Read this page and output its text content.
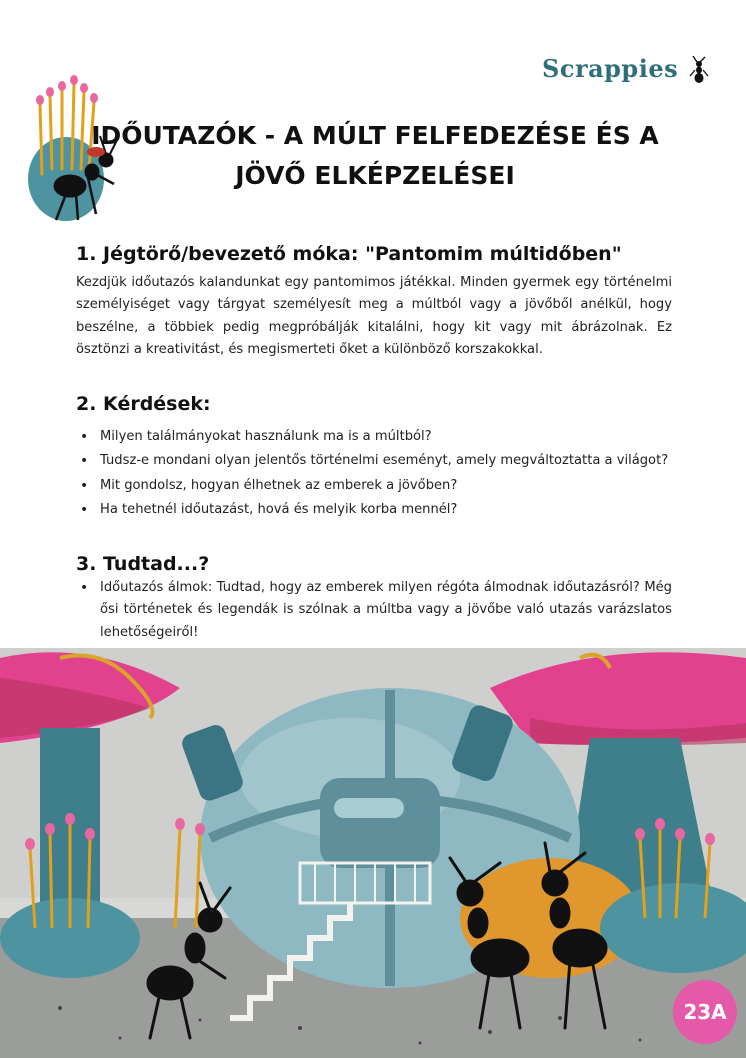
Scrappies
IDŐUTAZÓK - A MÚLT FELFEDEZÉSE ÉS A JÖVŐ ELKÉPZELÉSEI
1. Jégtörő/bevezető móka: "Pantomim múltidőben"
Kezdjük időutazós kalandunkat egy pantomimos játékkal. Minden gyermek egy történelmi személyiséget vagy tárgyat személyesít meg a múltból vagy a jövőből anélkül, hogy beszélne, a többiek pedig megpróbálják kitalálni, hogy kit vagy mit ábrázolnak. Ez ösztönzi a kreativitást, és megismerteti őket a különböző korszakokkal.
2. Kérdések:
• Milyen találmányokat használunk ma is a múltból?
• Tudsz-e mondani olyan jelentős történelmi eseményt, amely megváltoztatta a világot?
• Mit gondolsz, hogyan élhetnek az emberek a jövőben?
• Ha tehetnél időutazást, hová és melyik korba mennél?
3. Tudtad...?
• Időutazós álmok: Tudtad, hogy az emberek milyen régóta álmodnak időutazásról? Még ősi történetek és legendák is szólnak a múltba vagy a jövőbe való utazás varázslatos lehetőségeiről!
23A
